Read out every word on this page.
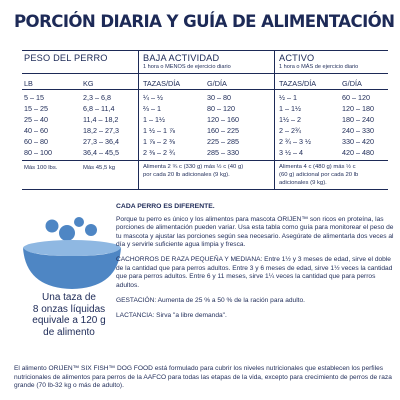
PORCIÓN DIARIA Y GUÍA DE ALIMENTACIÓN
PESO DEL PERRO	BAJA ACTIVIDAD
1 hora o MENOS de ejercicio diario
ACTIVO
1 hora o MÁS de ejercicio diario
LB	KG	TAZAS/DÍA	G/DÍA	TAZAS/DÍA	G/DÍA
5 – 15	2,3 – 6,8	¼ – ½	30 – 80	½ – 1	60 – 120
15 – 25	6,8 – 11,4	⅔ – 1	80 – 120	1 – 1½	120 – 180
25 – 40	11,4 – 18,2	1 – 1½	120 – 160	1½ – 2	180 – 240
40 – 60	18,2 – 27,3	1 ½ – 1 ⅞	160 – 225	2 – 2¾	240 – 330
60 – 80	27,3 – 36,4	1 ⅞ – 2 ⅜	225 – 285	2 ¾ – 3 ½	330 – 420
80 – 100	36,4 – 45,5	2 ⅜ – 2 ¾	285 – 330	3 ½ – 4	420 – 480
Más 100 lbs.	Más 45,5 kg	Alimenta 2 ¾ c (330 g) más ½ c (40 g)
por cada 20 lb adicionales (9 kg).
Alimenta 4 c (480 g) más ½ c
(60 g) adicional por cada 20 lb
adicionales (9 kg).
Una taza de
8 onzas líquidas
equivale a 120 g
de alimento

CADA PERRO ES DIFERENTE.

Porque tu perro es único y los alimentos para mascota ORIJEN™ son ricos en proteína, las porciones de alimentación pueden variar. Usa esta tabla como guía para monitorear el peso de tu mascota y ajustar las porciones según sea necesario. Asegúrate de alimentarla dos veces al día y servirle suficiente agua limpia y fresca.

CACHORROS DE RAZA PEQUEÑA Y MEDIANA: Entre 1½ y 3 meses de edad, sirve el doble de la cantidad que para perros adultos. Entre 3 y 6 meses de edad, sirve 1½ veces la cantidad que para perros adultos. Entre 6 y 11 meses, sirve 1¼ veces la cantidad que para perros adultos.

GESTACIÓN: Aumenta de 25 % a 50 % de la ración para adulto.

LACTANCIA: Sirva "a libre demanda".

El alimento ORIJEN™ SIX FISH™ DOG FOOD está formulado para cubrir los niveles nutricionales que establecen los perfiles nutricionales de alimentos para perros de la AAFCO para todas las etapas de la vida, excepto para crecimiento de perros de raza grande (70 lb-32 kg o más de adulto).
